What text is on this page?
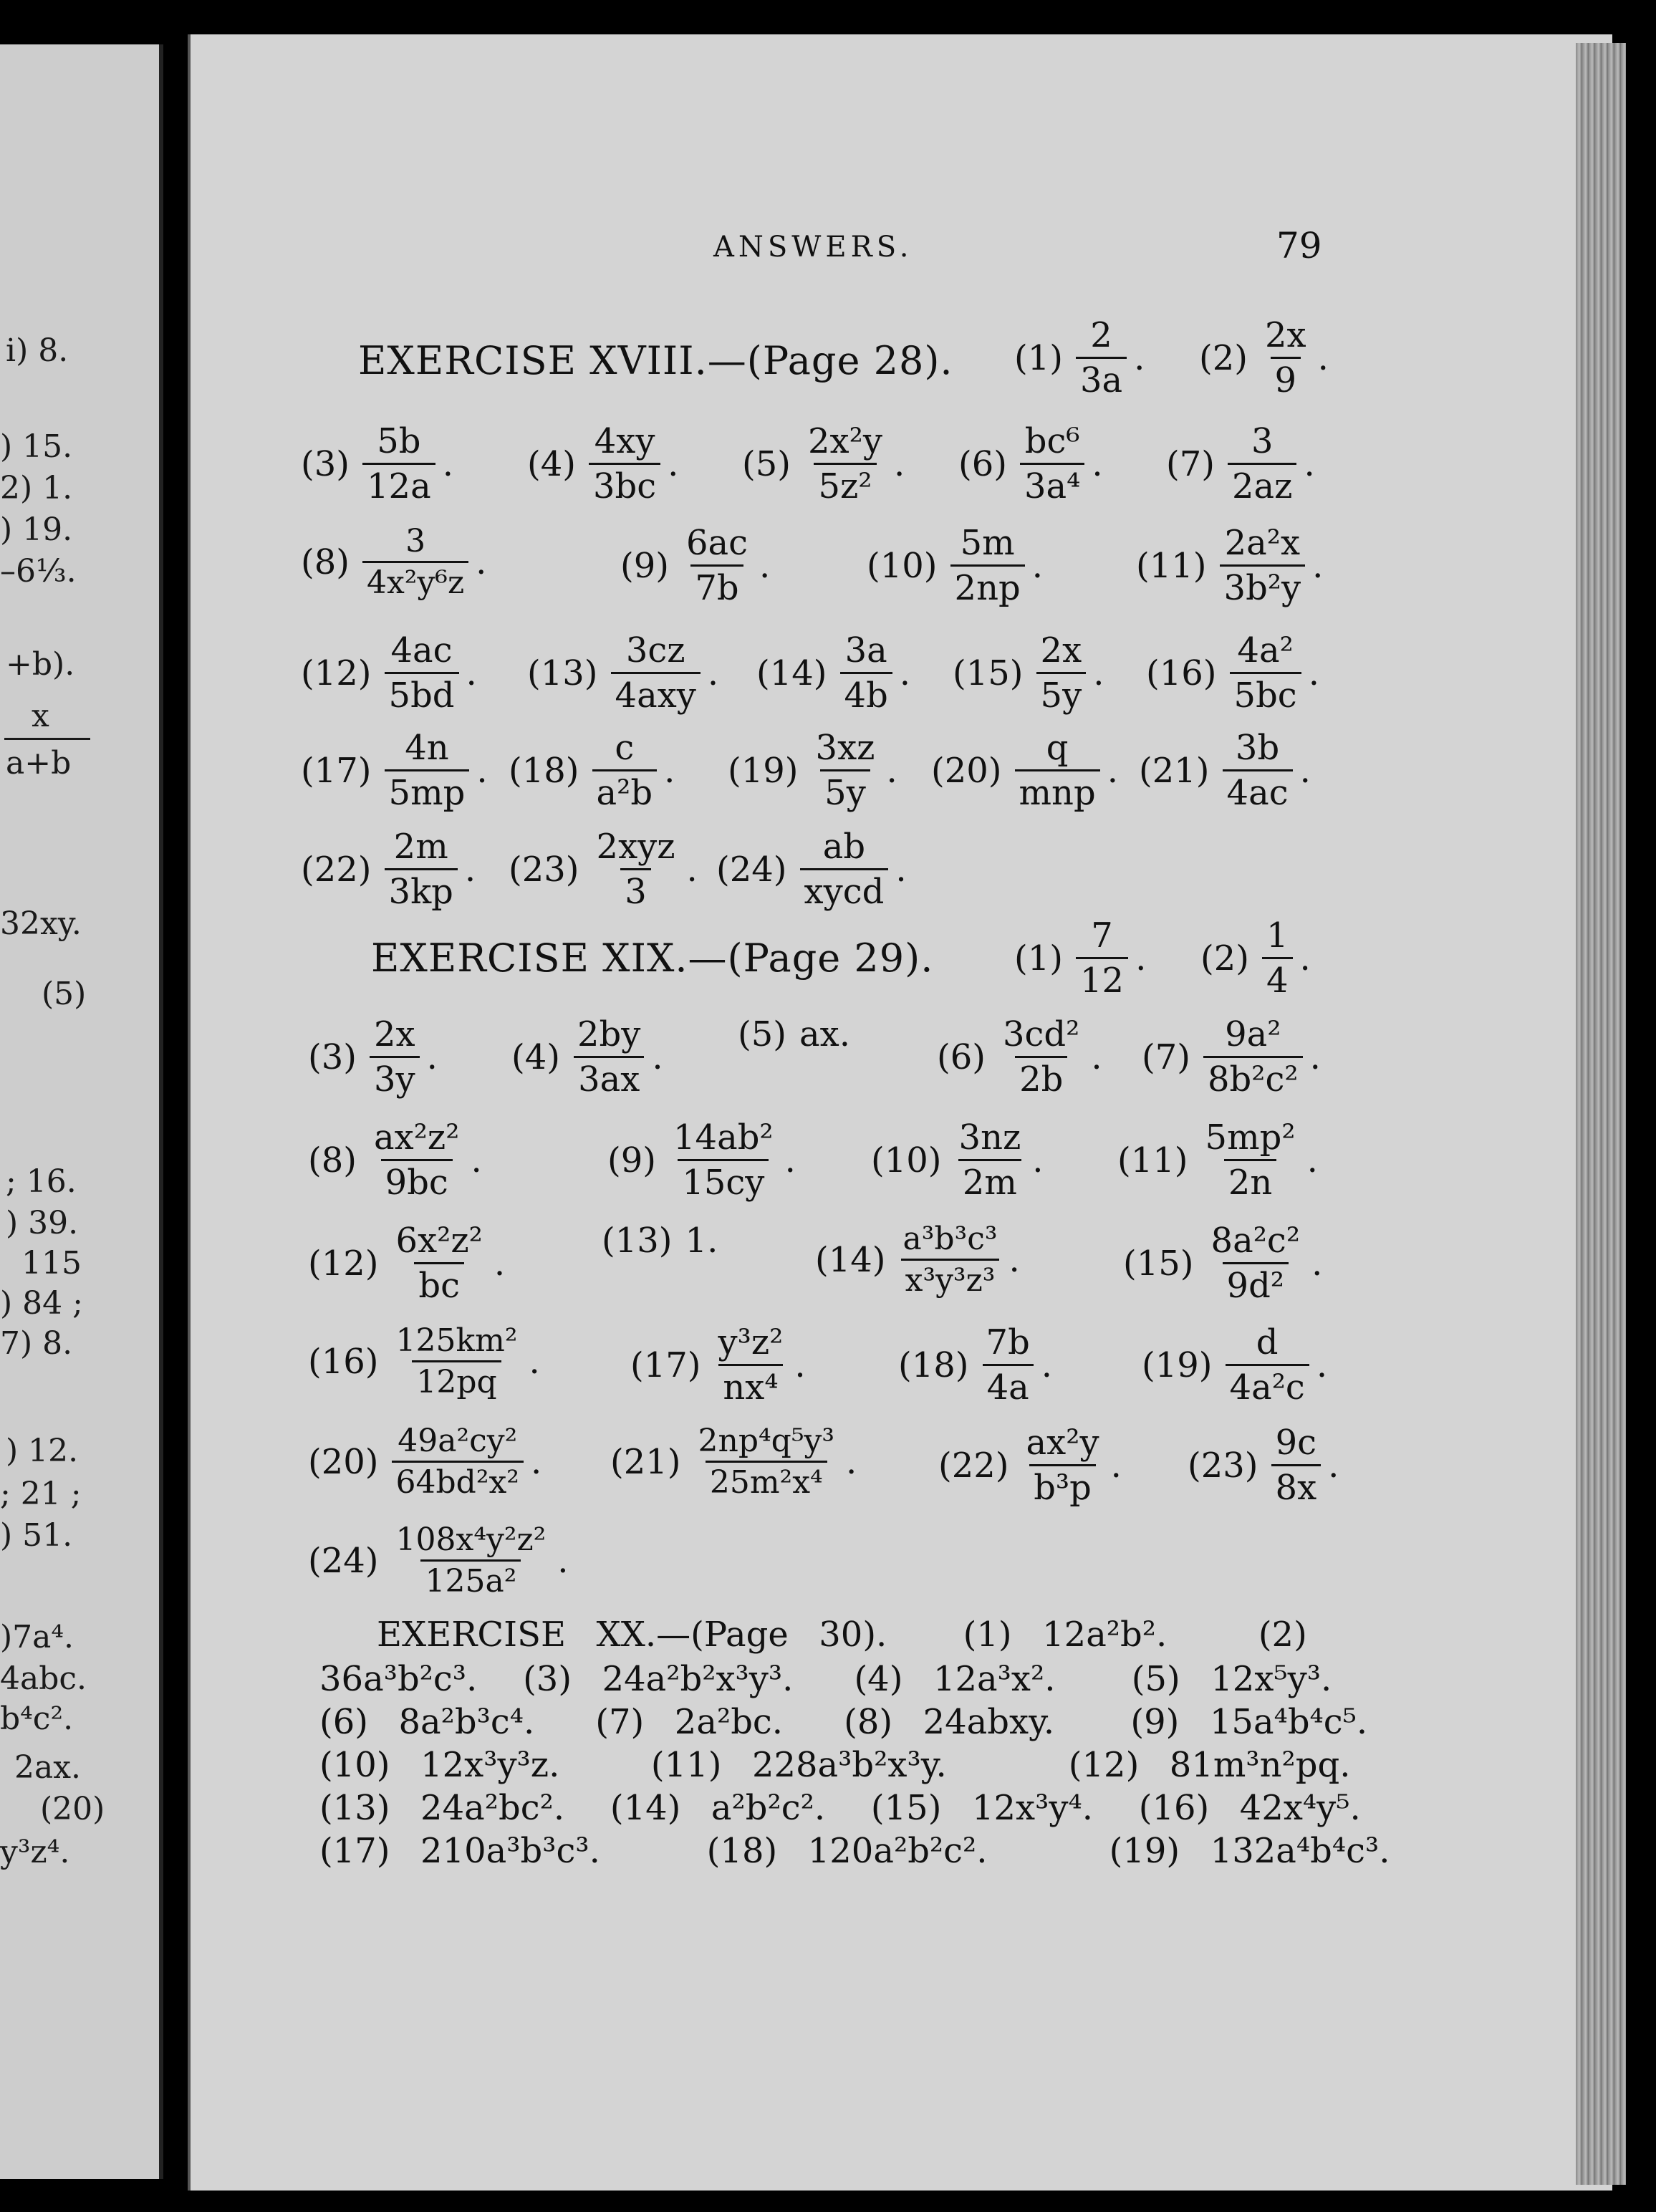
i) 8.
) 15.
2) 1.
) 19.
–6⅓.
+b).
x
a+b
32xy.
(5)
; 16.
) 39.
115
) 84 ;
7) 8.
) 12.
; 21 ;
) 51.
)7a⁴.
4abc.
b⁴c².
2ax.
(20)
y³z⁴.
ANSWERS.	79
EXERCISE XVIII.—(Page 28). $(1) \frac{2}{3a}$ . $(2) \frac{2x}{9}$ .
$(3) \frac{5b}{12a}$ . $(4) \frac{4xy}{3bc}$ . $(5) \frac{\text{2x²y}}{\text{5z²}}$ . $(6) \frac{\text{bc⁶}}{\text{3a⁴}}$ . $(7) \frac{3}{2az}$ .
$(8) \frac{3}{\text{4x²y⁶z}}$ .	$(9) \frac{6ac}{7b}$ .	$(10) \frac{5m}{2np}$ .	$(11) \frac{\text{2a²x}}{\text{3b²y}}$ .
$(12) \frac{4ac}{5bd}$ . $(13) \frac{3cz}{\text{4axy}}$ . $(14) \frac{3a}{4b}$ . $(15) \frac{2x}{5y}$ . $(16) \frac{\text{4a²}}{5bc}$ .
$(17) \frac{4n}{5mp}$ . $(18) \frac{c}{\text{a²b}}$ . $(19) \frac{3xz}{5y}$ . $(20) \frac{q}{\text{mnp}}$ . $(21) \frac{3b}{4ac}$ .
$(22) \frac{2m}{3kp}$ . $(23) \frac{\text{2xyz}}{3}$ . $(24) \frac{ab}{\text{xycd}}$ .
EXERCISE XIX.—(Page 29). $(1) \frac{7}{12}$ . $(2) \frac{1}{4}$ .
$(3) \frac{2x}{3y}$ . $(4) \frac{2by}{3ax}$ .
(5) ax.
$(6) \frac{\text{3cd²}}{2b}$ . $(7) \frac{\text{9a²}}{\text{8b²c²}}$ .
$(8) \frac{\text{ax²z²}}{9bc}$ .	$(9) \frac{\text{14ab²}}{15cy}$ . $(10) \frac{3nz}{2m}$ . $(11) \frac{\text{5mp²}}{2n}$ .
$(12) \frac{\text{6x²z²}}{bc}$ .
(13) 1.	$(14) \frac{\text{a³b³c³}}{\text{x³y³z³}}$ .	$(15) \frac{\text{8a²c²}}{\text{9d²}}$ .
$(16) \frac{\text{125km²}}{12pq}$ .	$(17) \frac{\text{y³z²}}{\text{nx⁴}}$ .	$(18) \frac{7b}{4a}$ .	$(19) \frac{d}{\text{4a²c}}$ .
$(20) \frac{\text{49a²cy²}}{\text{64bd²x²}}$ . $(21) \frac{\text{2np⁴q⁵y³}}{\text{25m²x⁴}}$ . $(22) \frac{\text{ax²y}}{\text{b³p}}$ . $(23) \frac{9c}{8x}$ .
$(24) \frac{\text{108x⁴y²z²}}{\text{125a²}}$ .
EXERCISE  XX.—(Page  30).     (1)  12a²b².      (2)
36a³b²c³.   (3)  24a²b²x³y³.    (4)  12a³x².     (5)  12x⁵y³.
(6)  8a²b³c⁴.    (7)  2a²bc.    (8)  24abxy.     (9)  15a⁴b⁴c⁵.
(10)  12x³y³z.      (11)  228a³b²x³y.        (12)  81m³n²pq.
(13)  24a²bc².   (14)  a²b²c².   (15)  12x³y⁴.   (16)  42x⁴y⁵.
(17)  210a³b³c³.       (18)  120a²b²c².        (19)  132a⁴b⁴c³.
